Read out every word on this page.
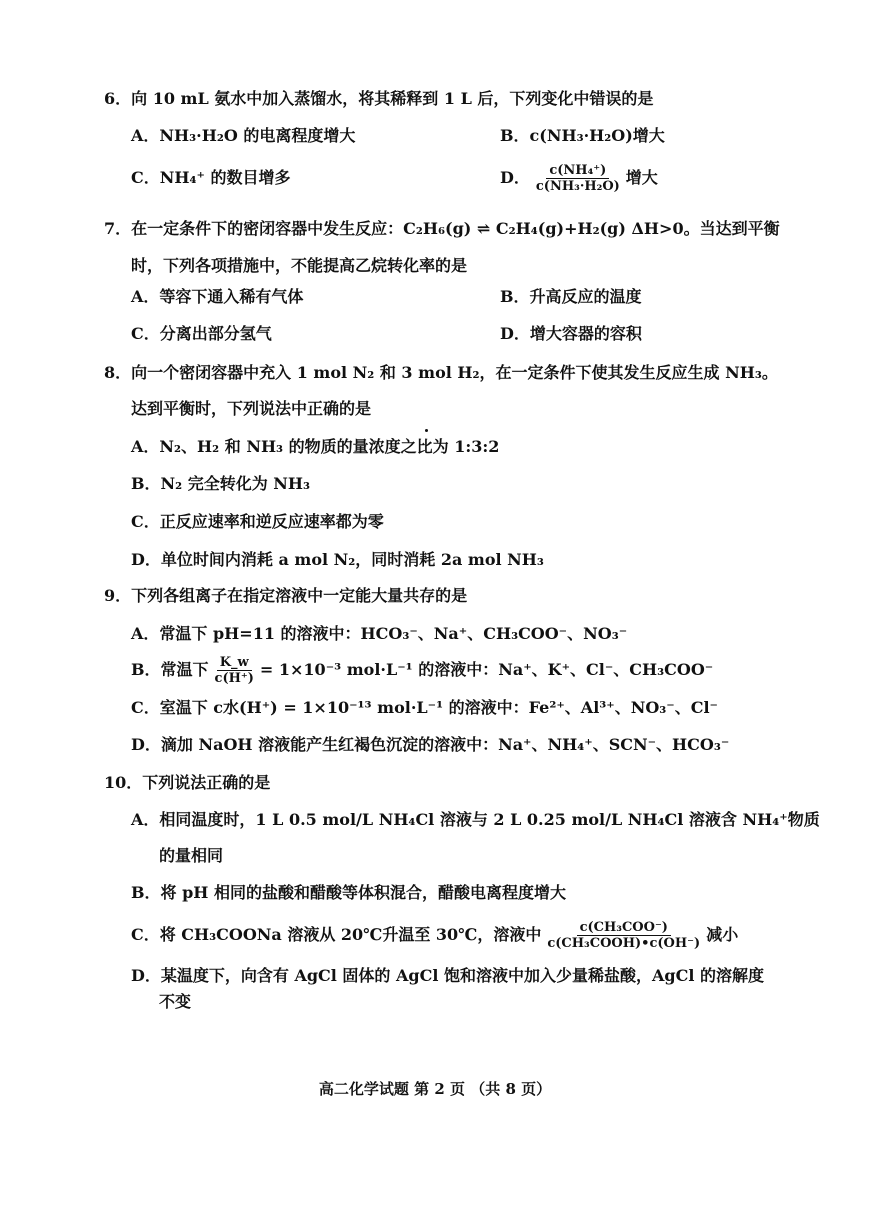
6．向 10 mL 氨水中加入蒸馏水，将其稀释到 1 L 后，下列变化中错误的是
A．NH₃·H₂O 的电离程度增大	B．c(NH₃·H₂O)增大
C．NH₄⁺ 的数目增多	D． $\frac{\text{c(NH₄⁺)}}{\text{c(NH₃·H₂O)}}$ 增大
7．在一定条件下的密闭容器中发生反应：C₂H₆(g) ⇌ C₂H₄(g)+H₂(g) ΔH>0。当达到平衡
时，下列各项措施中，不能提高乙烷转化率的是
A．等容下通入稀有气体	B．升高反应的温度
C．分离出部分氢气	D．增大容器的容积
8．向一个密闭容器中充入 1 mol N₂ 和 3 mol H₂，在一定条件下使其发生反应生成 NH₃。
达到平衡时，下列说法中正确的是
A．N₂、H₂ 和 NH₃ 的物质的量浓度之比为 1:3:2
B．N₂ 完全转化为 NH₃
C．正反应速率和逆反应速率都为零
D．单位时间内消耗 a mol N₂，同时消耗 2a mol NH₃
9．下列各组离子在指定溶液中一定能大量共存的是
A．常温下 pH=11 的溶液中：HCO₃⁻、Na⁺、CH₃COO⁻、NO₃⁻
B．常温下 $\frac{K\_w}{c(H^+)} = 1\times 10^{-3}$ mol·L⁻¹ 的溶液中：Na⁺、K⁺、Cl⁻、CH₃COO⁻
C．室温下 c水(H⁺) = 1×10⁻¹³ mol·L⁻¹ 的溶液中：Fe²⁺、Al³⁺、NO₃⁻、Cl⁻
D．滴加 NaOH 溶液能产生红褐色沉淀的溶液中：Na⁺、NH₄⁺、SCN⁻、HCO₃⁻
10．下列说法正确的是
A．相同温度时，1 L 0.5 mol/L NH₄Cl 溶液与 2 L 0.25 mol/L NH₄Cl 溶液含 NH₄⁺物质
的量相同
B．将 pH 相同的盐酸和醋酸等体积混合，醋酸电离程度增大
C．将 CH₃COONa 溶液从 20℃升温至 30℃，溶液中 $\frac{\text{c(CH₃COO⁻)}}{\text{c(CH₃COOH)•c(OH⁻)}}$ 减小
D．某温度下，向含有 AgCl 固体的 AgCl 饱和溶液中加入少量稀盐酸，AgCl 的溶解度
不变
高二化学试题 第 2 页 （共 8 页）
